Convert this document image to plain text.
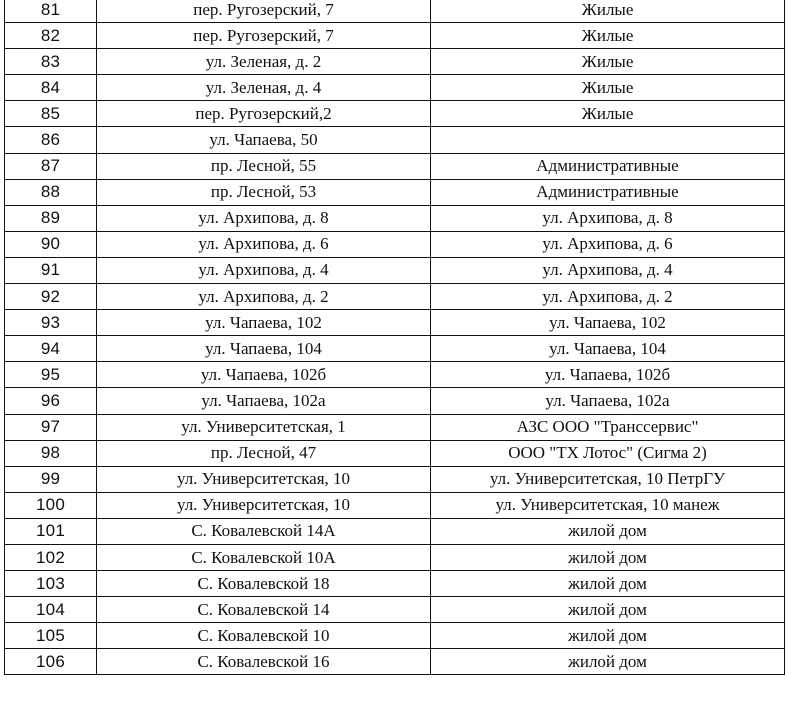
81	пер. Ругозерский, 7	Жилые
82	пер. Ругозерский, 7	Жилые
83	ул. Зеленая, д. 2	Жилые
84	ул. Зеленая, д. 4	Жилые
85	пер. Ругозерский,2	Жилые
86	ул. Чапаева, 50	
87	пр. Лесной, 55	Административные
88	пр. Лесной, 53	Административные
89	ул. Архипова, д. 8	ул. Архипова, д. 8
90	ул. Архипова, д. 6	ул. Архипова, д. 6
91	ул. Архипова, д. 4	ул. Архипова, д. 4
92	ул. Архипова, д. 2	ул. Архипова, д. 2
93	ул. Чапаева, 102	ул. Чапаева, 102
94	ул. Чапаева, 104	ул. Чапаева, 104
95	ул. Чапаева, 102б	ул. Чапаева, 102б
96	ул. Чапаева, 102а	ул. Чапаева, 102а
97	ул. Университетская, 1	АЗС ООО "Транссервис"
98	пр. Лесной, 47	ООО "ТХ Лотос" (Сигма 2)
99	ул. Университетская, 10	ул. Университетская, 10 ПетрГУ
100	ул. Университетская, 10	ул. Университетская, 10 манеж
101	С. Ковалевской 14А	жилой дом
102	С. Ковалевской 10А	жилой дом
103	С. Ковалевской 18	жилой дом
104	С. Ковалевской 14	жилой дом
105	С. Ковалевской 10	жилой дом
106	С. Ковалевской 16	жилой дом
